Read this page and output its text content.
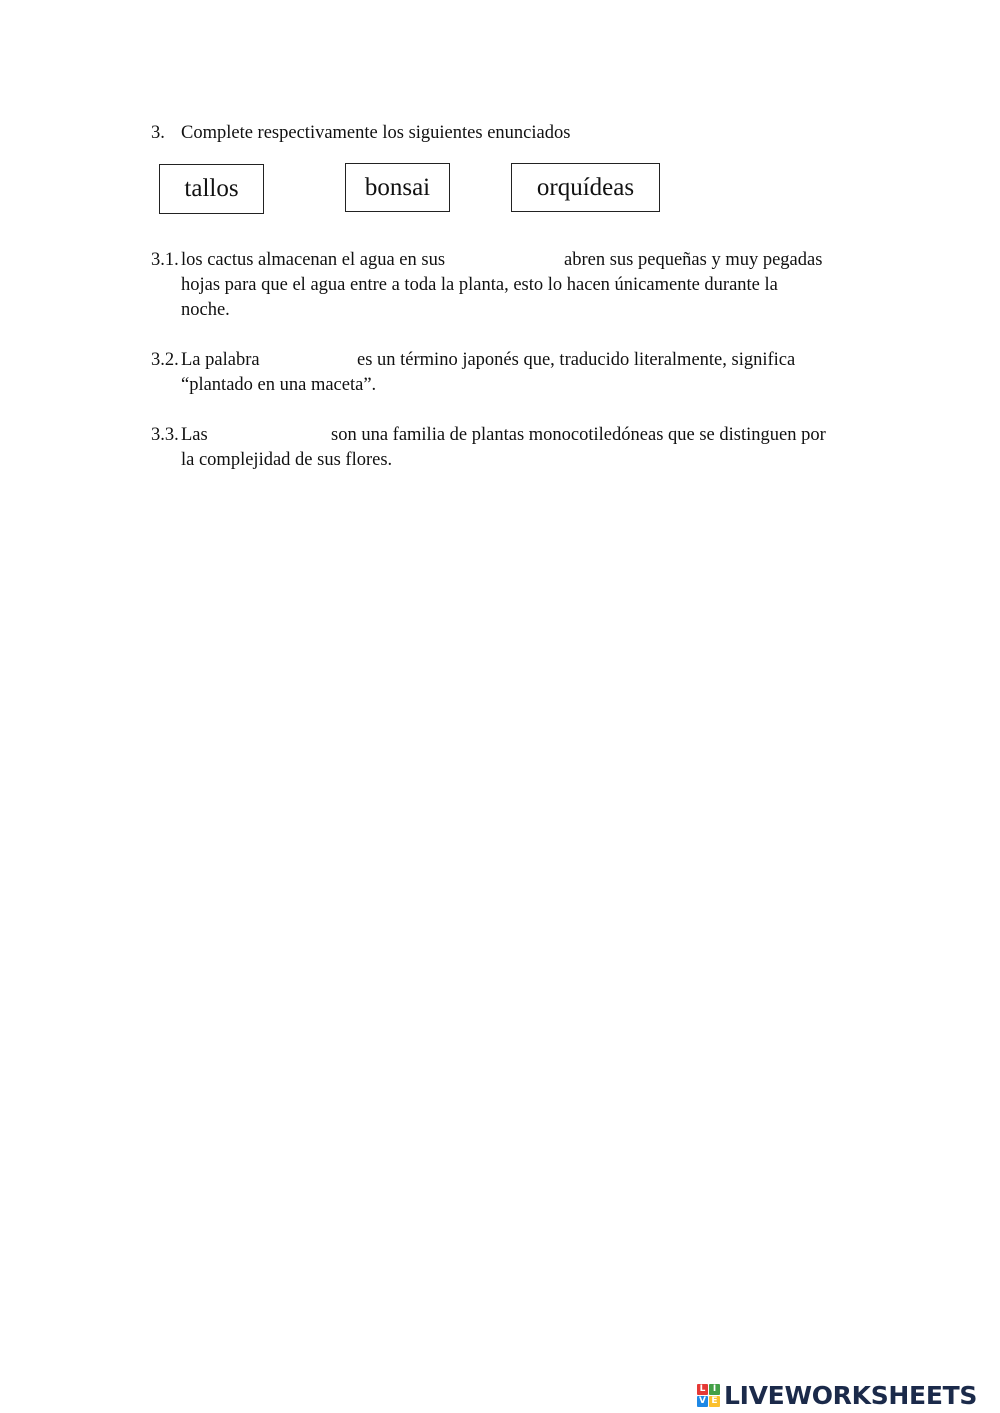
3. Complete respectivamente los siguientes enunciados
tallos	bonsai	orquídeas
3.1. los cactus almacenan el agua en sus	abren sus pequeñas y muy pegadas
hojas para que el agua entre a toda la planta, esto lo hacen únicamente durante la
noche.
3.2. La palabra	es un término japonés que, traducido literalmente, significa
“plantado en una maceta”.
3.3. Las	son una familia de plantas monocotiledóneas que se distinguen por
la complejidad de sus flores.
L I
V E LIVEWORKSHEETS
